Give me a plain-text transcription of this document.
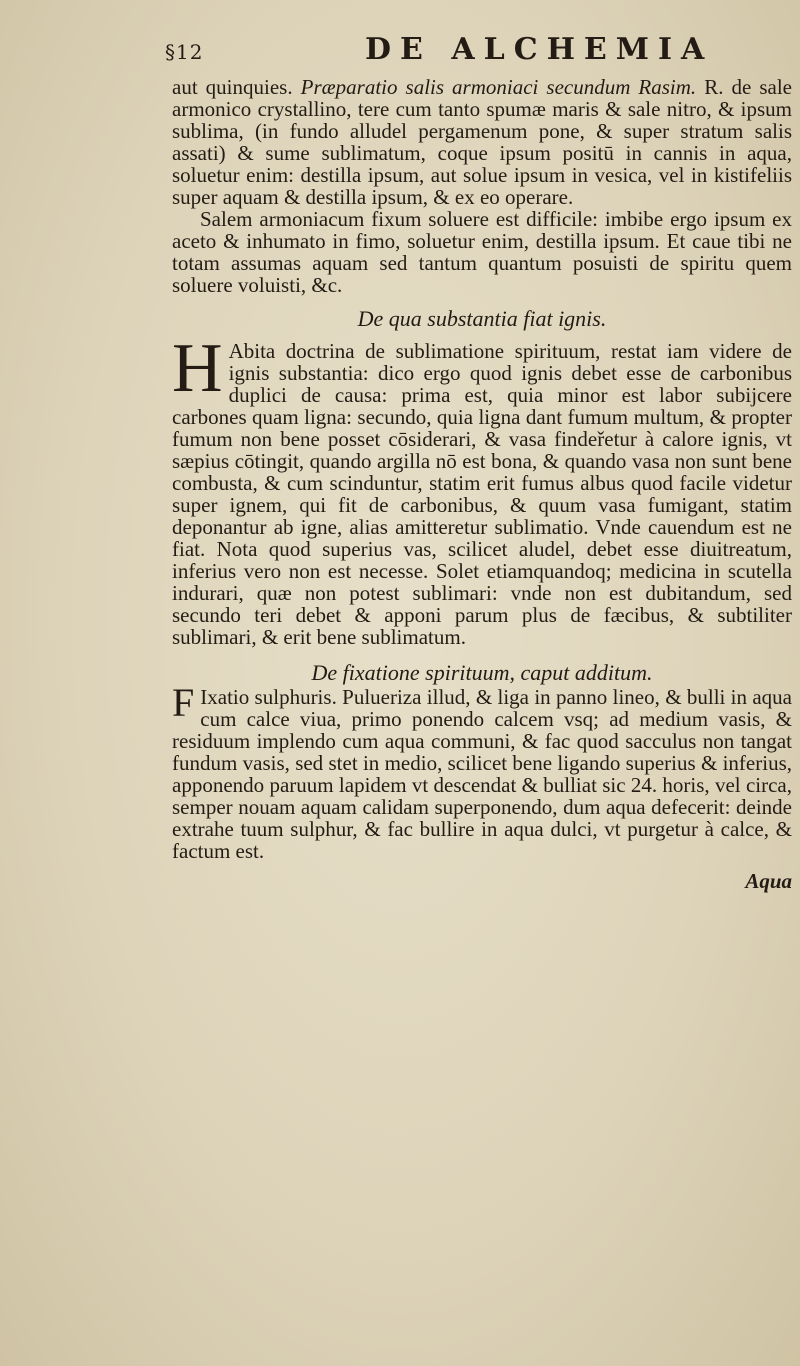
§12	DE ALCHEMIA

aut quinquies. Præparatio salis armoniaci secundum Rasim. R. de sale armonico crystallino, tere cum tanto spumæ maris & sale nitro, & ipsum sublima, (in fundo alludel pergamenum pone, & super stratum salis assati) & sume sublimatum, coque ipsum positū in cannis in aqua, soluetur enim: destilla ipsum, aut solue ipsum in vesica, vel in kistifeliis super aquam & destilla ipsum, & ex eo operare.

Salem armoniacum fixum soluere est difficile: imbibe ergo ipsum ex aceto & inhumato in fimo, soluetur enim, destilla ipsum. Et caue tibi ne totam assumas aquam sed tantum quantum posuisti de spiritu quem soluere voluisti, &c.

De qua substantia fiat ignis.

H Abita doctrina de sublimatione spirituum, restat iam videre de ignis substantia: dico ergo quod ignis debet esse de carbonibus duplici de causa: prima est, quia minor est labor subijcere carbones quam ligna: secundo, quia ligna dant fumum multum, & propter fumum non bene posset cōsiderari, & vasa findeřetur à calore ignis, vt sæpius cōtingit, quando argilla nō est bona, & quando vasa non sunt bene combusta, & cum scinduntur, statim erit fumus albus quod facile videtur super ignem, qui fit de carbonibus, & quum vasa fumigant, statim deponantur ab igne, alias amitteretur sublimatio. Vnde cauendum est ne fiat. Nota quod superius vas, scilicet aludel, debet esse diuitreatum, inferius vero non est necesse. Solet etiamquandoq; medicina in scutella indurari, quæ non potest sublimari: vnde non est dubitandum, sed secundo teri debet & apponi parum plus de fæcibus, & subtiliter sublimari, & erit bene sublimatum.

De fixatione spirituum, caput additum.

F Ixatio sulphuris. Pulueriza illud, & liga in panno lineo, & bulli in aqua cum calce viua, primo ponendo calcem vsq; ad medium vasis, & residuum implendo cum aqua communi, & fac quod sacculus non tangat fundum vasis, sed stet in medio, scilicet bene ligando superius & inferius, apponendo paruum lapidem vt descendat & bulliat sic 24. horis, vel circa, semper nouam aquam calidam superponendo, dum aqua defecerit: deinde extrahe tuum sulphur, & fac bullire in aqua dulci, vt purgetur à calce, & factum est.

Aqua
